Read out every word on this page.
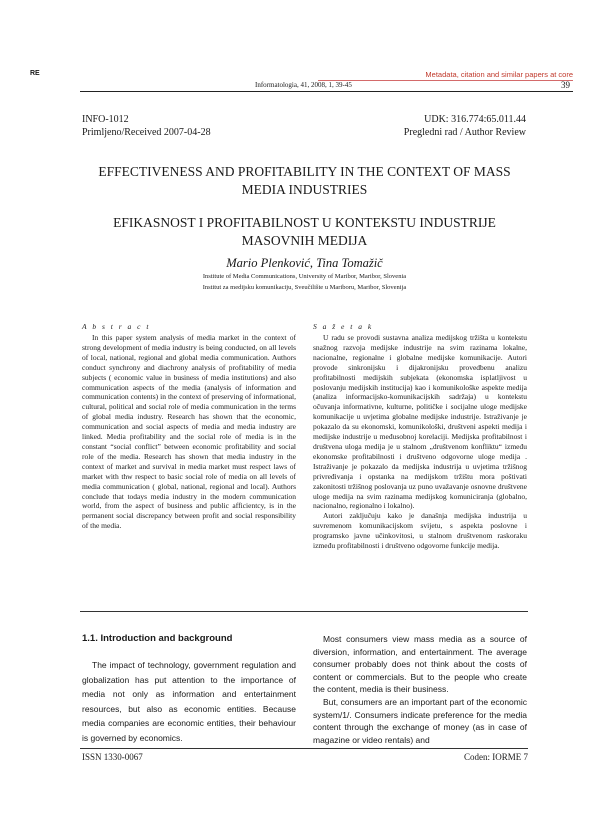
RE	Metadata, citation and similar papers at core
Informatologia, 41, 2008, 1, 39-45	39
INFO-1012
Primljeno/Received 2007-04-28
UDK: 316.774:65.011.44
Pregledni rad / Author Review
EFFECTIVENESS AND PROFITABILITY IN THE CONTEXT OF MASS
MEDIA INDUSTRIES
EFIKASNOST I PROFITABILNOST U KONTEKSTU INDUSTRIJE
MASOVNIH MEDIJA
Mario Plenković, Tina Tomažič
Institute of Media Communications, University of Maribor, Maribor, Slovenia
Institut za medijsku komunikaciju, Sveučilište u Mariboru, Maribor, Slovenija
A b s t r a c t

In this paper system analysis of media market in the context of strong development of media industry is being conducted, on all levels of local, national, regional and global media communication. Authors conduct synchrony and diachrony analysis of profitability of media subjects ( economic value in business of media institutions) and also communication aspects of the media (analysis of information and communication contents) in the context of preserving of informational, cultural, political and social role of media communication in the terms of global media industry. Research has shown that the economic, communication and social aspects of media and media industry are linked. Media profitability and the social role of media is in the constant “social conflict” between economic profitability and social role of the media. Research has shown that media industry in the context of market and survival in media market must respect laws of market with thw respect to basic social role of media on all levels of media communication ( global, national, regional and local). Authors conclude that todays media industry in the modern communication world, from the aspect of business and public afficientcy, is in the permanent social discrepancy between profit and social responsibility of the media.

S a ž e t a k

U radu se provodi sustavna analiza medijskog tržišta u kontekstu snažnog razvoja medijske industrije na svim razinama lokalne, nacionalne, regionalne i globalne medijske komunikacije. Autori provode sinkronijsku i dijakronijsku provedbenu analizu profitabilnosti medijskih subjekata (ekonomska isplatljivost u poslovanju medijskih institucija) kao i komunikološke aspekte medija (analiza informacijsko-komunikacijskih sadržaja) u kontekstu očuvanja informativne, kulturne, političke i socijalne uloge medijske komunikacije u uvjetima globalne medijske industrije. Istraživanje je pokazalo da su ekonomski, komunikološki, društveni aspekti medija i medijske industrije u međusobnoj korelaciji. Medijska profitabilnost i društvena uloga medija je u stalnom „društvenom konfliktu“ između ekonomske profitabilnosti i društveno odgovorne uloge medija . Istraživanje je pokazalo da medijska industrija u uvjetima tržišnog privređivanja i opstanka na medijskom tržištu mora poštivati zakonitosti tržišnog poslovanja uz puno uvažavanje osnovne društvene uloge medija na svim razinama medijskog komuniciranja (globalno, nacionalno, regionalno i lokalno).

Autori zaključuju kako je današnja medijska industrija u suvremenom komunikacijskom svijetu, s aspekta poslovne i programsko javne učinkovitosi, u stalnom društvenom raskoraku između profitabilnosti i društveno odgovorne funkcije medija.

1.1. Introduction and background

The impact of technology, government regulation and globalization has put attention to the importance of media not only as information and entertainment resources, but also as economic entities. Because media companies are economic entities, their behaviour is governed by economics.

Most consumers view mass media as a source of diversion, information, and entertainment. The average consumer probably does not think about the costs of content or commercials. But to the people who create the content, media is their business.

But, consumers are an important part of the economic system/1/. Consumers indicate preference for the media content through the exchange of money (as in case of magazine or video rentals) and

ISSN 1330-0067	Coden: IORME 7
